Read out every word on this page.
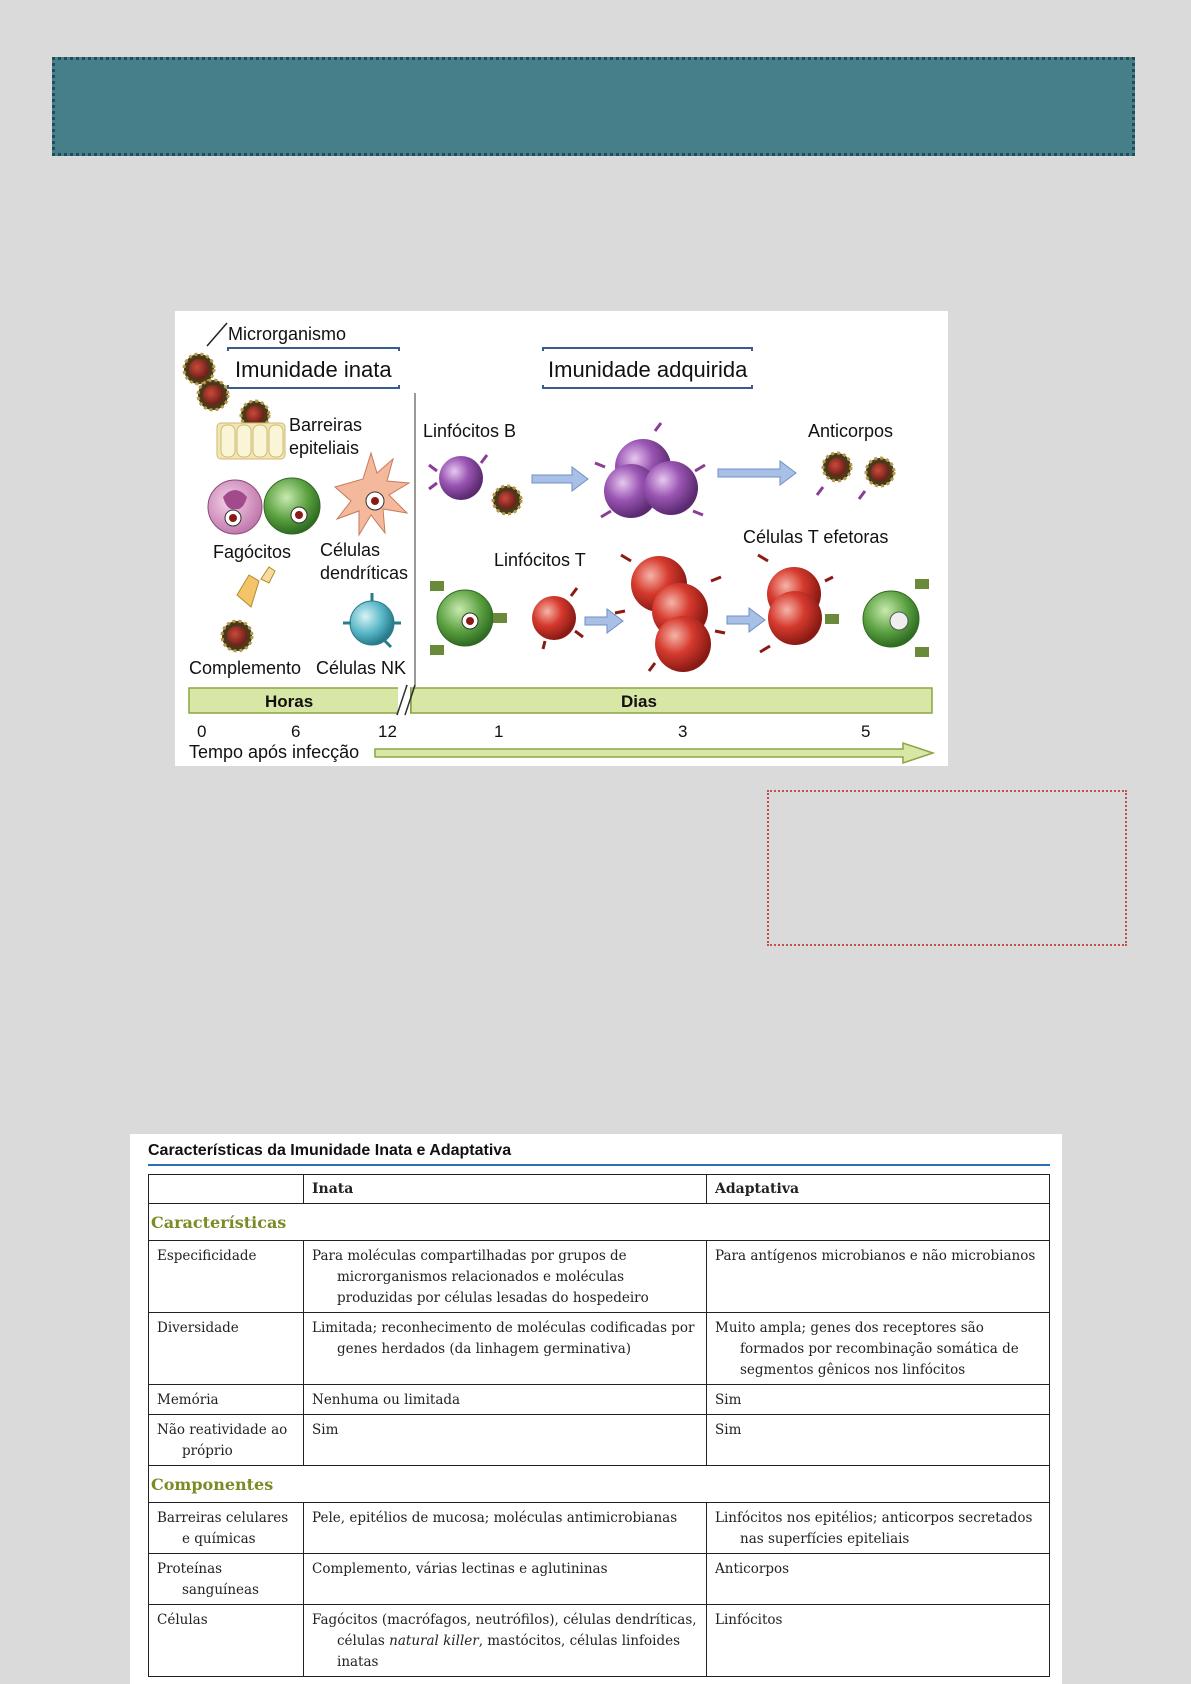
Microrganismo
Imunidade inata	Imunidade adquirida
Barreiras
epiteliais
Fagócitos Células
dendríticas
Complemento Células NK
Linfócitos B	Anticorpos
Linfócitos T
Células T efetoras
Horas	Dias
0	6	12	1	3	5
Tempo após infecção
Características da Imunidade Inata e Adaptativa
	Inata	Adaptativa
Características		

Especificidade	Para moléculas compartilhadas por grupos de microrganismos relacionados e moléculas produzidas por células lesadas do hospedeiro	Para antígenos microbianos e não microbianos

Diversidade	Limitada; reconhecimento de moléculas codificadas por genes herdados (da linhagem germinativa)	Muito ampla; genes dos receptores são formados por recombinação somática de segmentos gênicos nos linfócitos

Memória	Nenhuma ou limitada	Sim

Não reatividade ao próprio	Sim	Sim

Componentes		

Barreiras celulares e químicas	Pele, epitélios de mucosa; moléculas antimicrobianas	Linfócitos nos epitélios; anticorpos secretados nas superfícies epiteliais

Proteínas sanguíneas	Complemento, várias lectinas e aglutininas	Anticorpos

Células	Fagócitos (macrófagos, neutrófilos), células dendríticas, células natural killer, mastócitos, células linfoides inatas	Linfócitos
